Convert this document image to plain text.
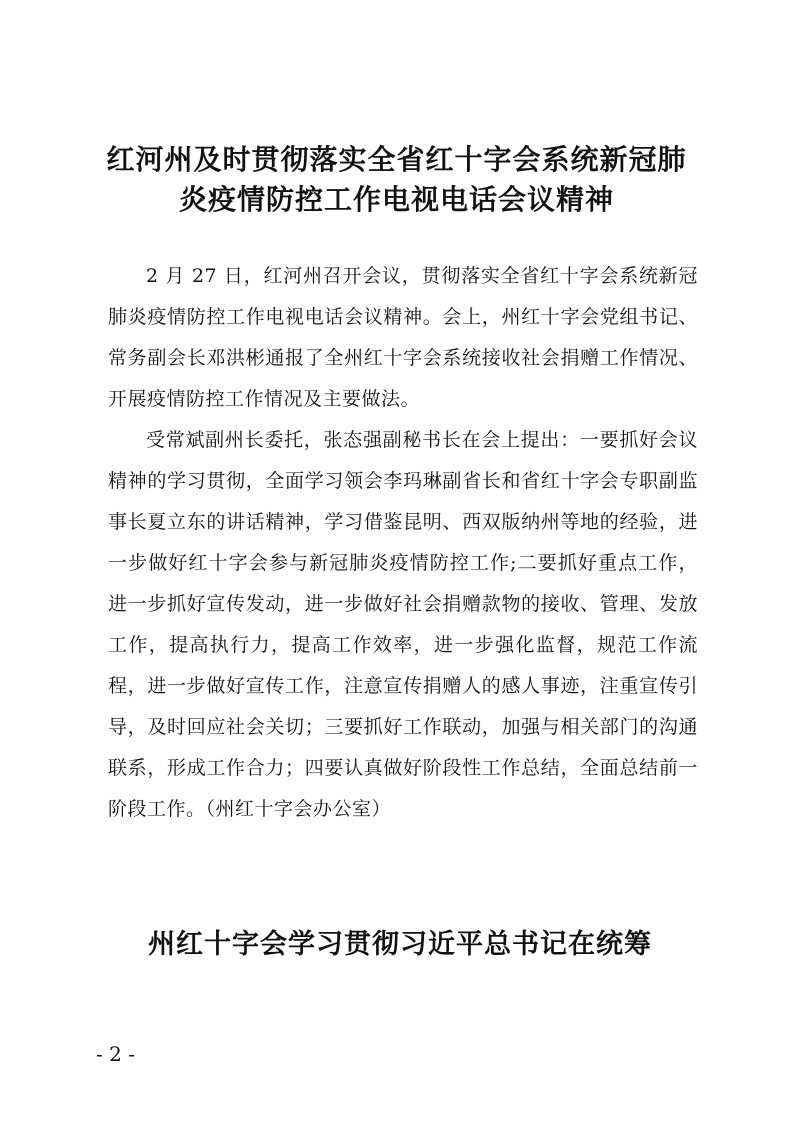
红河州及时贯彻落实全省红十字会系统新冠肺
炎疫情防控工作电视电话会议精神

2 月 27 日，红河州召开会议，贯彻落实全省红十字会系统新冠肺炎疫情防控工作电视电话会议精神。会上，州红十字会党组书记、常务副会长邓洪彬通报了全州红十字会系统接收社会捐赠工作情况、开展疫情防控工作情况及主要做法。

受常斌副州长委托，张态强副秘书长在会上提出：一要抓好会议精神的学习贯彻，全面学习领会李玛琳副省长和省红十字会专职副监事长夏立东的讲话精神，学习借鉴昆明、西双版纳州等地的经验，进一步做好红十字会参与新冠肺炎疫情防控工作;二要抓好重点工作，进一步抓好宣传发动，进一步做好社会捐赠款物的接收、管理、发放工作，提高执行力，提高工作效率，进一步强化监督，规范工作流程，进一步做好宣传工作，注意宣传捐赠人的感人事迹，注重宣传引导，及时回应社会关切；三要抓好工作联动，加强与相关部门的沟通联系，形成工作合力；四要认真做好阶段性工作总结，全面总结前一阶段工作。（州红十字会办公室）

州红十字会学习贯彻习近平总书记在统筹
- 2 -
